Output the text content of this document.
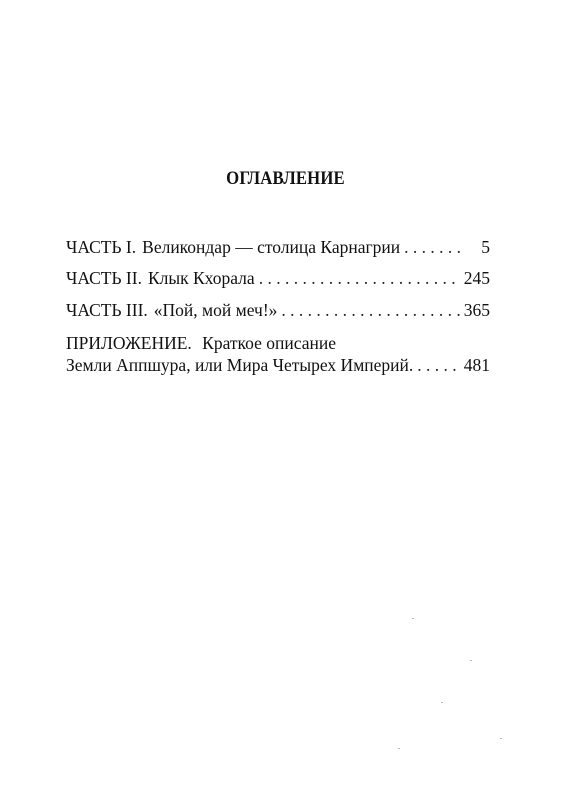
ОГЛАВЛЕНИЕ
ЧАСТЬ I. Великондар — столица Карнагрии . . .	5
ЧАСТЬ II. Клык Кхорала . . .	245
ЧАСТЬ III. «Пой, мой меч!» . . .	365
ПРИЛОЖЕНИЕ. Краткое описание
Земли Аппшура, или Мира Четырех Империй. . . .	481
